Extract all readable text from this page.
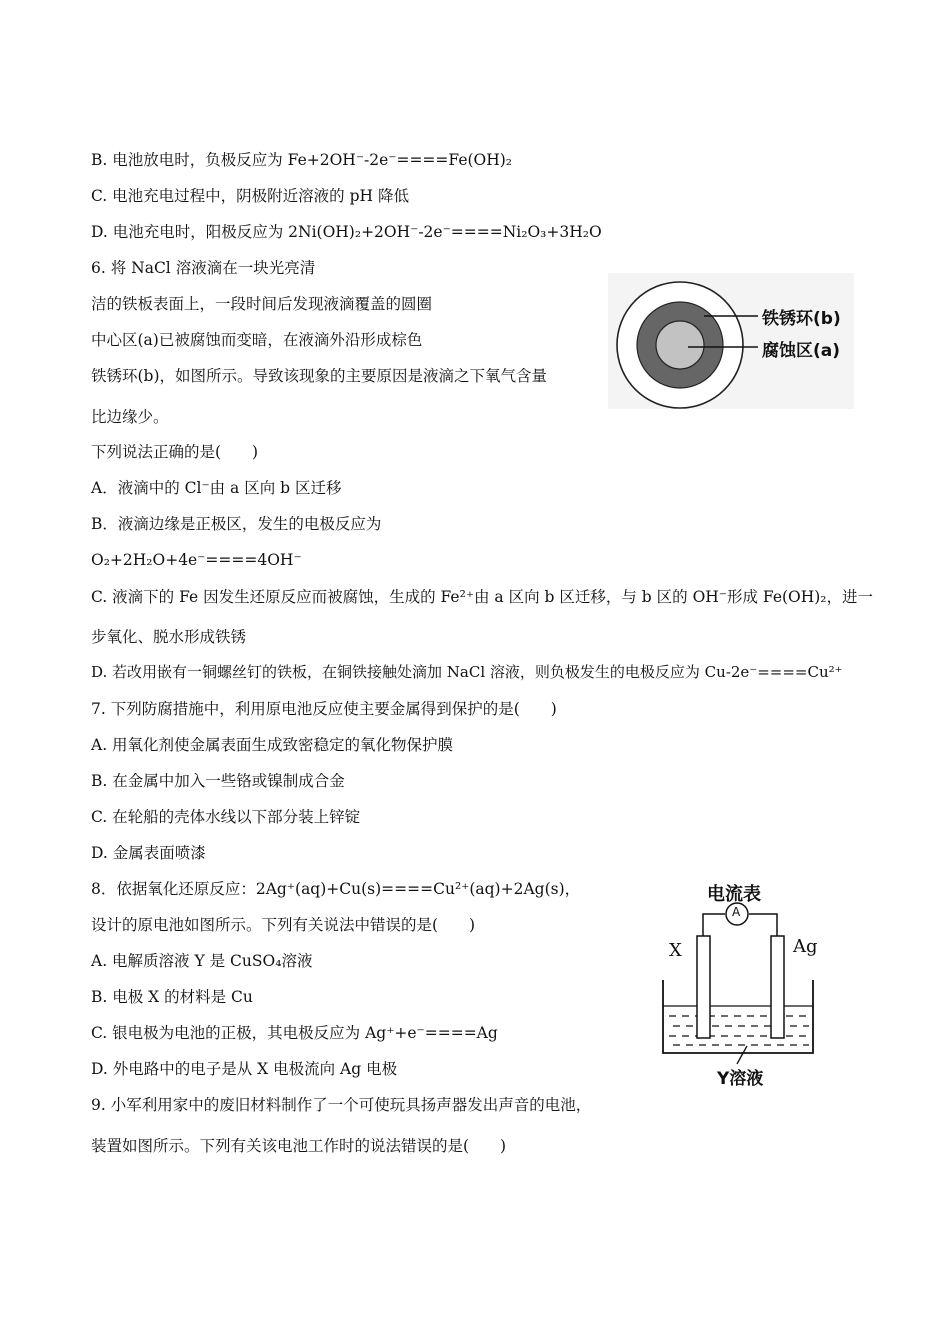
B. 电池放电时，负极反应为 Fe+2OH⁻-2e⁻====Fe(OH)₂
C. 电池充电过程中，阴极附近溶液的 pH 降低
D. 电池充电时，阳极反应为 2Ni(OH)₂+2OH⁻-2e⁻====Ni₂O₃+3H₂O
6. 将 NaCl 溶液滴在一块光亮清
洁的铁板表面上，一段时间后发现液滴覆盖的圆圈
中心区(a)已被腐蚀而变暗，在液滴外沿形成棕色
铁锈环(b)，如图所示。导致该现象的主要原因是液滴之下氧气含量
比边缘少。
下列说法正确的是(　　)
A．液滴中的 Cl⁻由 a 区向 b 区迁移
B．液滴边缘是正极区，发生的电极反应为
O₂+2H₂O+4e⁻====4OH⁻
C. 液滴下的 Fe 因发生还原反应而被腐蚀，生成的 Fe²⁺由 a 区向 b 区迁移，与 b 区的 OH⁻形成 Fe(OH)₂，进一
步氧化、脱水形成铁锈
D. 若改用嵌有一铜螺丝钉的铁板，在铜铁接触处滴加 NaCl 溶液，则负极发生的电极反应为 Cu-2e⁻====Cu²⁺
7. 下列防腐措施中，利用原电池反应使主要金属得到保护的是(　　)
A. 用氧化剂使金属表面生成致密稳定的氧化物保护膜
B. 在金属中加入一些铬或镍制成合金
C. 在轮船的壳体水线以下部分装上锌锭
D. 金属表面喷漆
8．依据氧化还原反应：2Ag⁺(aq)+Cu(s)====Cu²⁺(aq)+2Ag(s)，
设计的原电池如图所示。下列有关说法中错误的是(　　)
A. 电解质溶液 Y 是 CuSO₄溶液
B. 电极 X 的材料是 Cu
C. 银电极为电池的正极，其电极反应为 Ag⁺+e⁻====Ag
D. 外电路中的电子是从 X 电极流向 Ag 电极
9. 小军利用家中的废旧材料制作了一个可使玩具扬声器发出声音的电池，
装置如图所示。下列有关该电池工作时的说法错误的是(　　)
铁锈环(b)
腐蚀区(a)
电流表
A
X	Ag
Y溶液
